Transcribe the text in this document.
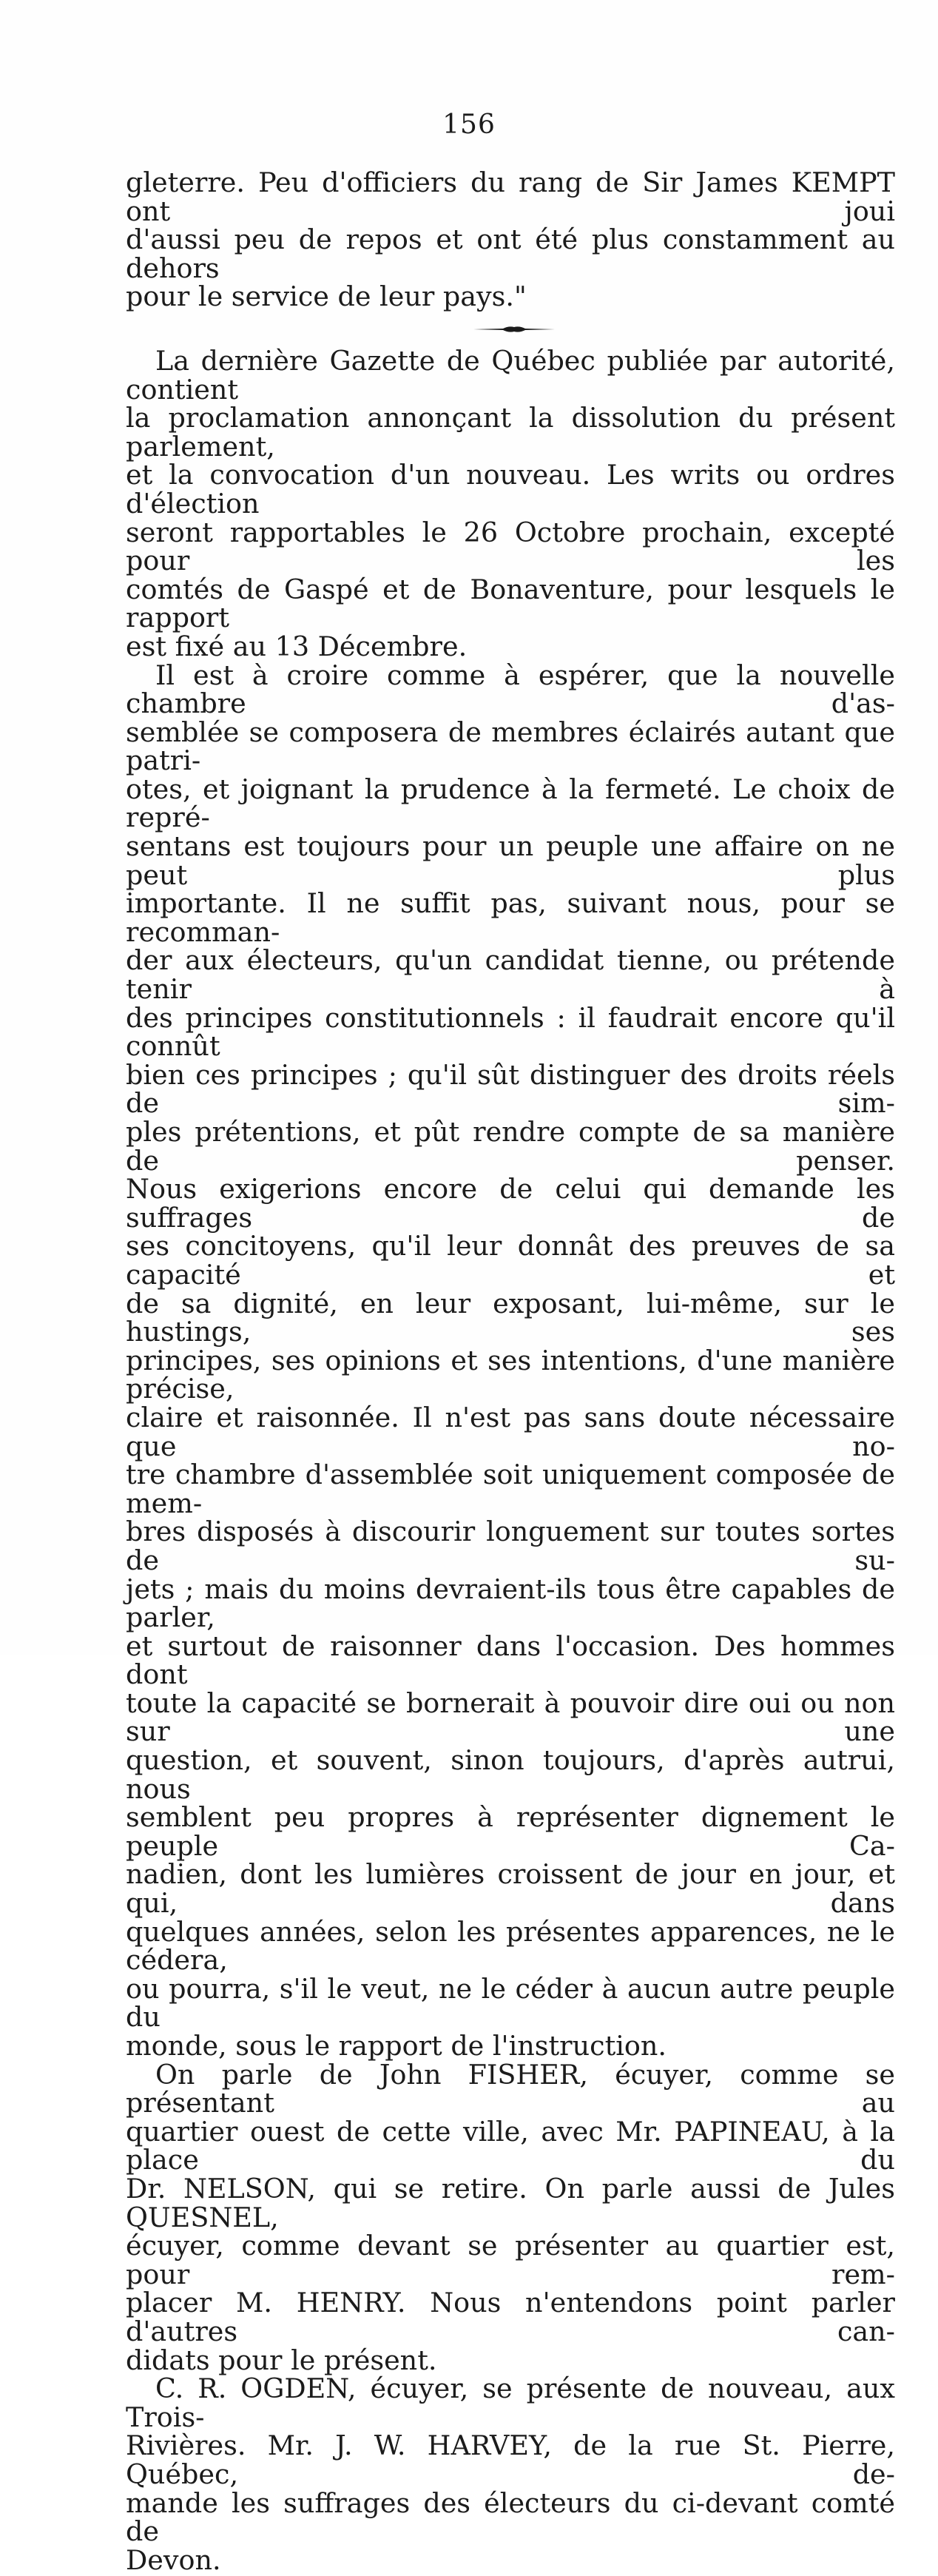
156

gleterre. Peu d'officiers du rang de Sir James KEMPT ont joui

d'aussi peu de repos et ont été plus constamment au dehors

pour le service de leur pays."

La dernière Gazette de Québec publiée par autorité, contient

la proclamation annonçant la dissolution du présent parlement,

et la convocation d'un nouveau. Les writs ou ordres d'élection

seront rapportables le 26 Octobre prochain, excepté pour les

comtés de Gaspé et de Bonaventure, pour lesquels le rapport

est fixé au 13 Décembre.

Il est à croire comme à espérer, que la nouvelle chambre d'as-

semblée se composera de membres éclairés autant que patri-

otes, et joignant la prudence à la fermeté. Le choix de repré-

sentans est toujours pour un peuple une affaire on ne peut plus

importante. Il ne suffit pas, suivant nous, pour se recomman-

der aux électeurs, qu'un candidat tienne, ou prétende tenir à

des principes constitutionnels : il faudrait encore qu'il connût

bien ces principes ; qu'il sût distinguer des droits réels de sim-

ples prétentions, et pût rendre compte de sa manière de penser.

Nous exigerions encore de celui qui demande les suffrages de

ses concitoyens, qu'il leur donnât des preuves de sa capacité et

de sa dignité, en leur exposant, lui-même, sur le hustings, ses

principes, ses opinions et ses intentions, d'une manière précise,

claire et raisonnée. Il n'est pas sans doute nécessaire que no-

tre chambre d'assemblée soit uniquement composée de mem-

bres disposés à discourir longuement sur toutes sortes de su-

jets ; mais du moins devraient-ils tous être capables de parler,

et surtout de raisonner dans l'occasion. Des hommes dont

toute la capacité se bornerait à pouvoir dire oui ou non sur une

question, et souvent, sinon toujours, d'après autrui, nous

semblent peu propres à représenter dignement le peuple Ca-

nadien, dont les lumières croissent de jour en jour, et qui, dans

quelques années, selon les présentes apparences, ne le cédera,

ou pourra, s'il le veut, ne le céder à aucun autre peuple du

monde, sous le rapport de l'instruction.

On parle de John FISHER, écuyer, comme se présentant au

quartier ouest de cette ville, avec Mr. PAPINEAU, à la place du

Dr. NELSON, qui se retire. On parle aussi de Jules QUESNEL,

écuyer, comme devant se présenter au quartier est, pour rem-

placer M. HENRY. Nous n'entendons point parler d'autres can-

didats pour le présent.

C. R. OGDEN, écuyer, se présente de nouveau, aux Trois-

Rivières. Mr. J. W. HARVEY, de la rue St. Pierre, Québec, de-

mande les suffrages des électeurs du ci-devant comté de

Devon.
